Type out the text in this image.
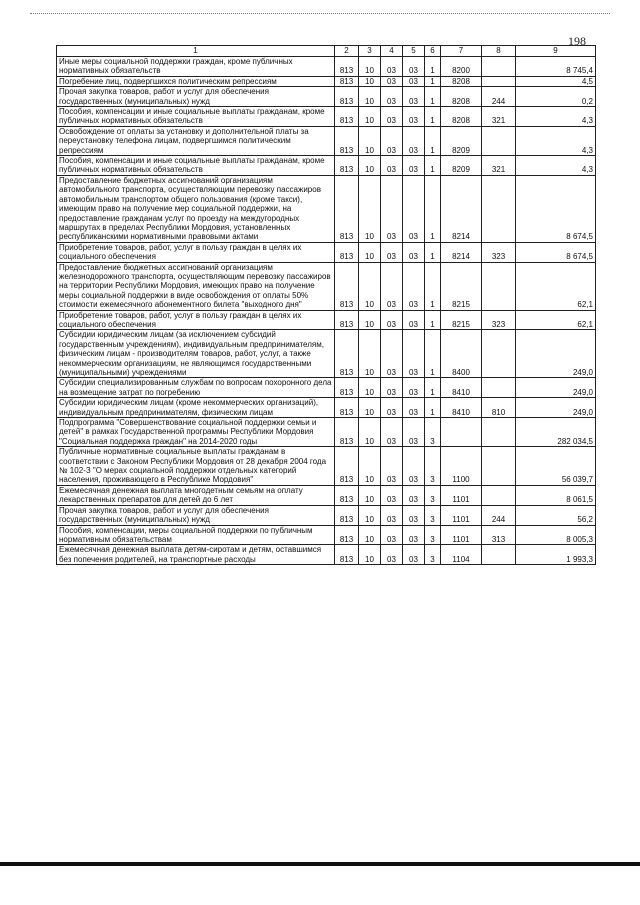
198
1	2	3	4	5	6	7	8	9
Иные меры социальной поддержки граждан, кроме публичных нормативных обязательств	813	10	03	03	1	8200		8 745,4
Погребение лиц, подвергшихся политическим репрессиям	813	10	03	03	1	8208		4,5
Прочая закупка товаров, работ и услуг для обеспечения государственных (муниципальных) нужд	813	10	03	03	1	8208	244	0,2
Пособия, компенсации и иные социальные выплаты гражданам, кроме публичных нормативных обязательств	813	10	03	03	1	8208	321	4,3
Освобождение от оплаты за установку и дополнительной платы за переустановку телефона лицам, подвергшимся политическим репрессиям	813	10	03	03	1	8209		4,3
Пособия, компенсации и иные социальные выплаты гражданам, кроме публичных нормативных обязательств	813	10	03	03	1	8209	321	4,3
Предоставление бюджетных ассигнований организациям автомобильного транспорта, осуществляющим перевозку пассажиров автомобильным транспортом общего пользования (кроме такси), имеющим право на получение мер социальной поддержки, на предоставление гражданам услуг по проезду на междугородных маршрутах в пределах Республики Мордовия, установленных республиканскими нормативными правовыми актами	813	10	03	03	1	8214		8 674,5
Приобретение товаров, работ, услуг в пользу граждан в целях их социального обеспечения	813	10	03	03	1	8214	323	8 674,5
Предоставление бюджетных ассигнований организациям железнодорожного транспорта, осуществляющим перевозку пассажиров на территории Республики Мордовия, имеющих право на получение меры социальной поддержки в виде освобождения от оплаты 50% стоимости ежемесячного абонементного билета "выходного дня"	813	10	03	03	1	8215		62,1
Приобретение товаров, работ, услуг в пользу граждан в целях их социального обеспечения	813	10	03	03	1	8215	323	62,1
Субсидии юридическим лицам (за исключением субсидий государственным учреждениям), индивидуальным предпринимателям, физическим лицам - производителям товаров, работ, услуг, а также некоммерческим организациям, не являющимся государственными (муниципальными) учреждениями	813	10	03	03	1	8400		249,0
Субсидии специализированным службам по вопросам похоронного дела на возмещение затрат по погребению	813	10	03	03	1	8410		249,0
Субсидии юридическим лицам (кроме некоммерческих организаций), индивидуальным предпринимателям, физическим лицам	813	10	03	03	1	8410	810	249,0
Подпрограмма "Совершенствование социальной поддержки семьи и детей" в рамках Государственной программы Республики Мордовия "Социальная поддержка граждан" на 2014-2020 годы	813	10	03	03	3			282 034,5
Публичные нормативные социальные выплаты гражданам в соответствии с Законом Республики Мордовия от 28 декабря 2004 года № 102-З "О мерах социальной поддержки отдельных категорий населения, проживающего в Республике Мордовия"	813	10	03	03	3	1100		56 039,7
Ежемесячная денежная выплата многодетным семьям на оплату лекарственных препаратов для детей до 6 лет	813	10	03	03	3	1101		8 061,5
Прочая закупка товаров, работ и услуг для обеспечения государственных (муниципальных) нужд	813	10	03	03	3	1101	244	56,2
Пособия, компенсации, меры социальной поддержки по публичным нормативным обязательствам	813	10	03	03	3	1101	313	8 005,3
Ежемесячная денежная выплата детям-сиротам и детям, оставшимся без попечения родителей, на транспортные расходы	813	10	03	03	3	1104		1 993,3
